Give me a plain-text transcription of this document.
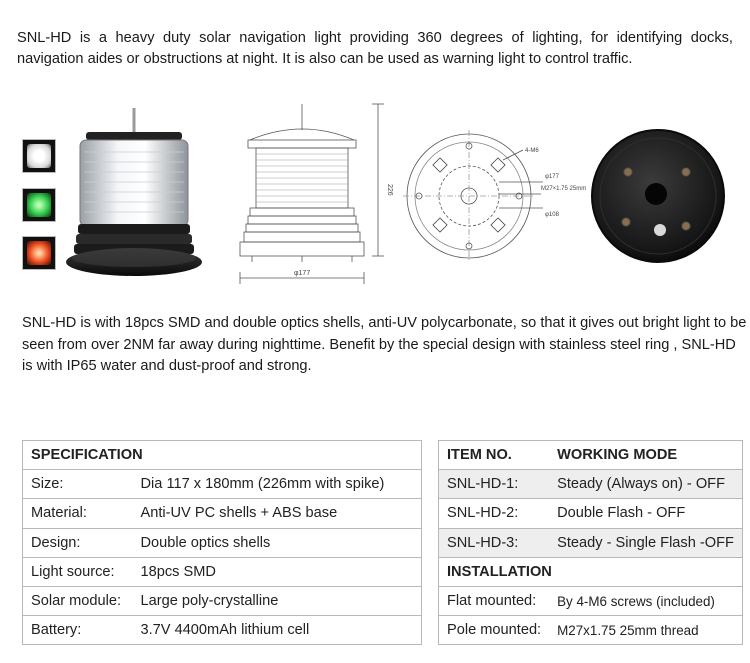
SNL-HD is a heavy duty solar navigation light providing 360 degrees of lighting, for identifying docks, navigation aides or obstructions at night. It is also can be used as warning light to control traffic.

226
φ177
4-M6
φ177
M27×1.75 25mm
φ108

SNL-HD is with 18pcs SMD and double optics shells, anti-UV polycarbonate, so that it gives out bright light to be seen from over 2NM far away during nighttime. Benefit by the special design with stainless steel ring , SNL-HD is with IP65 water and dust-proof and strong.

SPECIFICATION	
Size:	Dia 117 x 180mm (226mm with spike)
Material:	Anti-UV PC shells + ABS base
Design:	Double optics shells
Light source:	18pcs SMD
Solar module:	Large poly-crystalline
Battery:	3.7V 4400mAh lithium cell
ITEM NO.	WORKING MODE
SNL-HD-1:	Steady (Always on) - OFF
SNL-HD-2:	Double Flash - OFF
SNL-HD-3:	Steady - Single Flash -OFF
INSTALLATION	
Flat mounted:	By 4-M6 screws (included)
Pole mounted:	M27x1.75 25mm thread
